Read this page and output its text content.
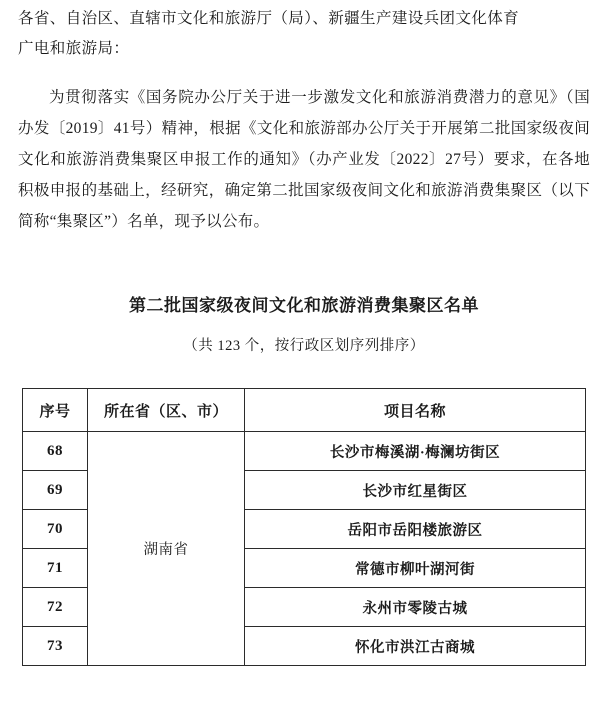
各省、自治区、直辖市文化和旅游厅（局）、新疆生产建设兵团文化体育
广电和旅游局：

为贯彻落实《国务院办公厅关于进一步激发文化和旅游消费潜力的意见》（国办发〔2019〕41号）精神，根据《文化和旅游部办公厅关于开展第二批国家级夜间文化和旅游消费集聚区申报工作的通知》（办产业发〔2022〕27号）要求，在各地积极申报的基础上，经研究，确定第二批国家级夜间文化和旅游消费集聚区（以下简称“集聚区”）名单，现予以公布。

第二批国家级夜间文化和旅游消费集聚区名单
（共 123 个，按行政区划序列排序）
序号	所在省（区、市）	项目名称
68	湖南省	长沙市梅溪湖·梅澜坊街区
69		长沙市红星街区
70		岳阳市岳阳楼旅游区
71		常德市柳叶湖河街
72		永州市零陵古城
73		怀化市洪江古商城
